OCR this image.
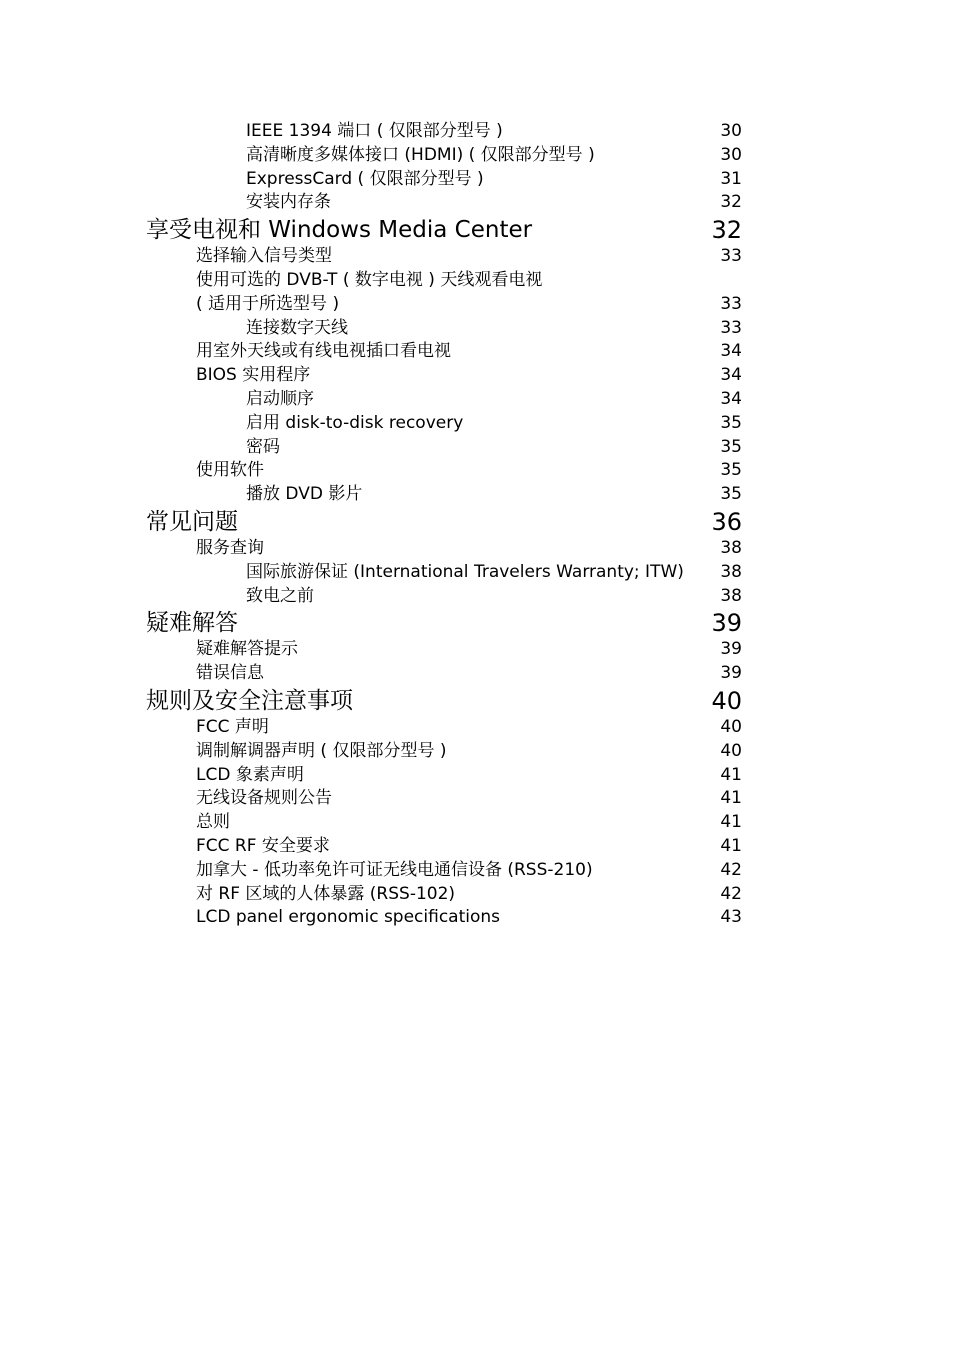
IEEE 1394 端口 ( 仅限部分型号 )	30
高清晰度多媒体接口 (HDMI) ( 仅限部分型号 )	30
ExpressCard ( 仅限部分型号 )	31
安装内存条	32
享受电视和 Windows Media Center	32
选择输入信号类型	33
使用可选的 DVB-T ( 数字电视 ) 天线观看电视
( 适用于所选型号 )	33
连接数字天线	33
用室外天线或有线电视插口看电视	34
BIOS 实用程序	34
启动顺序	34
启用 disk-to-disk recovery	35
密码	35
使用软件	35
播放 DVD 影片	35
常见问题	36
服务查询	38
国际旅游保证 (International Travelers Warranty; ITW) 38
致电之前	38
疑难解答	39
疑难解答提示	39
错误信息	39
规则及安全注意事项	40
FCC 声明	40
调制解调器声明 ( 仅限部分型号 )	40
LCD 象素声明	41
无线设备规则公告	41
总则	41
FCC RF 安全要求	41
加拿大 - 低功率免许可证无线电通信设备 (RSS-210)	42
对 RF 区域的人体暴露 (RSS-102)	42
LCD panel ergonomic specifications	43
